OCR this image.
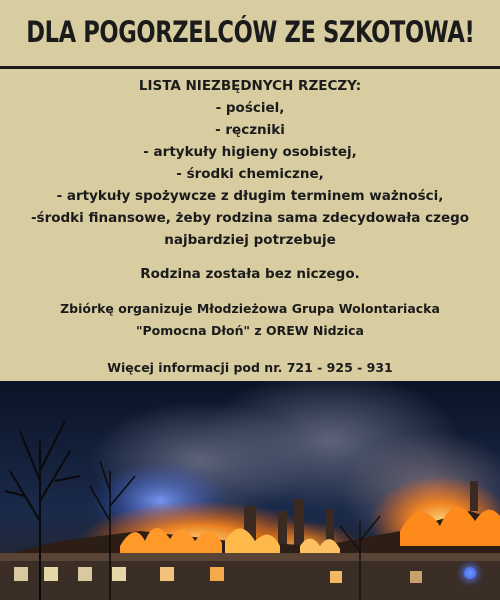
DLA POGORZELCÓW ZE SZKOTOWA!
LISTA NIEZBĘDNYCH RZECZY:
- pościel,
- ręczniki
- artykuły higieny osobistej,
- środki chemiczne,
- artykuły spożywcze z długim terminem ważności,
-środki finansowe, żeby rodzina sama zdecydowała czego
najbardziej potrzebuje
Rodzina została bez niczego.
Zbiórkę organizuje Młodzieżowa Grupa Wolontariacka
"Pomocna Dłoń" z OREW Nidzica
Więcej informacji pod nr. 721 - 925 - 931
